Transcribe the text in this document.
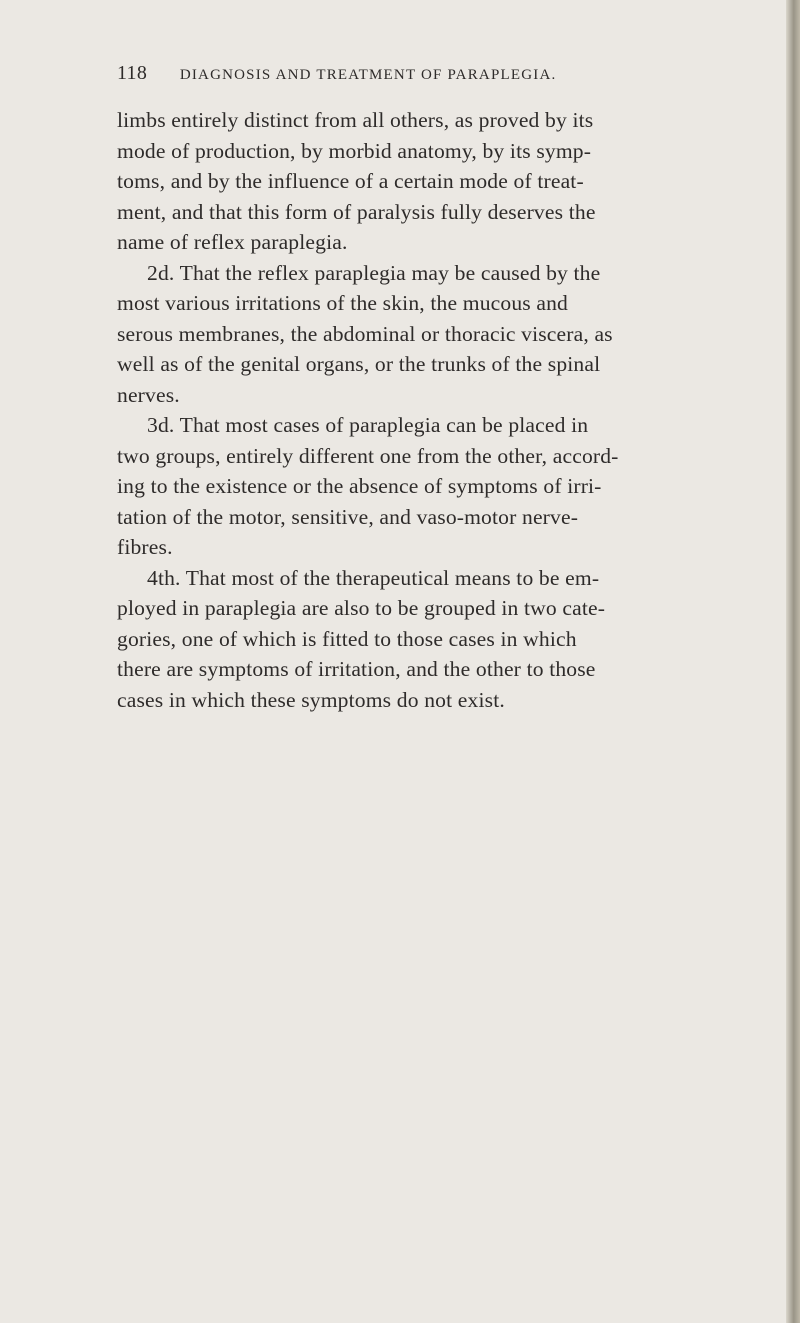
118 DIAGNOSIS AND TREATMENT OF PARAPLEGIA.
limbs entirely distinct from all others, as proved by its
mode of production, by morbid anatomy, by its symp-
toms, and by the influence of a certain mode of treat-
ment, and that this form of paralysis fully deserves the
name of reflex paraplegia.
2d. That the reflex paraplegia may be caused by the
most various irritations of the skin, the mucous and
serous membranes, the abdominal or thoracic viscera, as
well as of the genital organs, or the trunks of the spinal
nerves.
3d. That most cases of paraplegia can be placed in
two groups, entirely different one from the other, accord-
ing to the existence or the absence of symptoms of irri-
tation of the motor, sensitive, and vaso-motor nerve-
fibres.
4th. That most of the therapeutical means to be em-
ployed in paraplegia are also to be grouped in two cate-
gories, one of which is fitted to those cases in which
there are symptoms of irritation, and the other to those
cases in which these symptoms do not exist.
